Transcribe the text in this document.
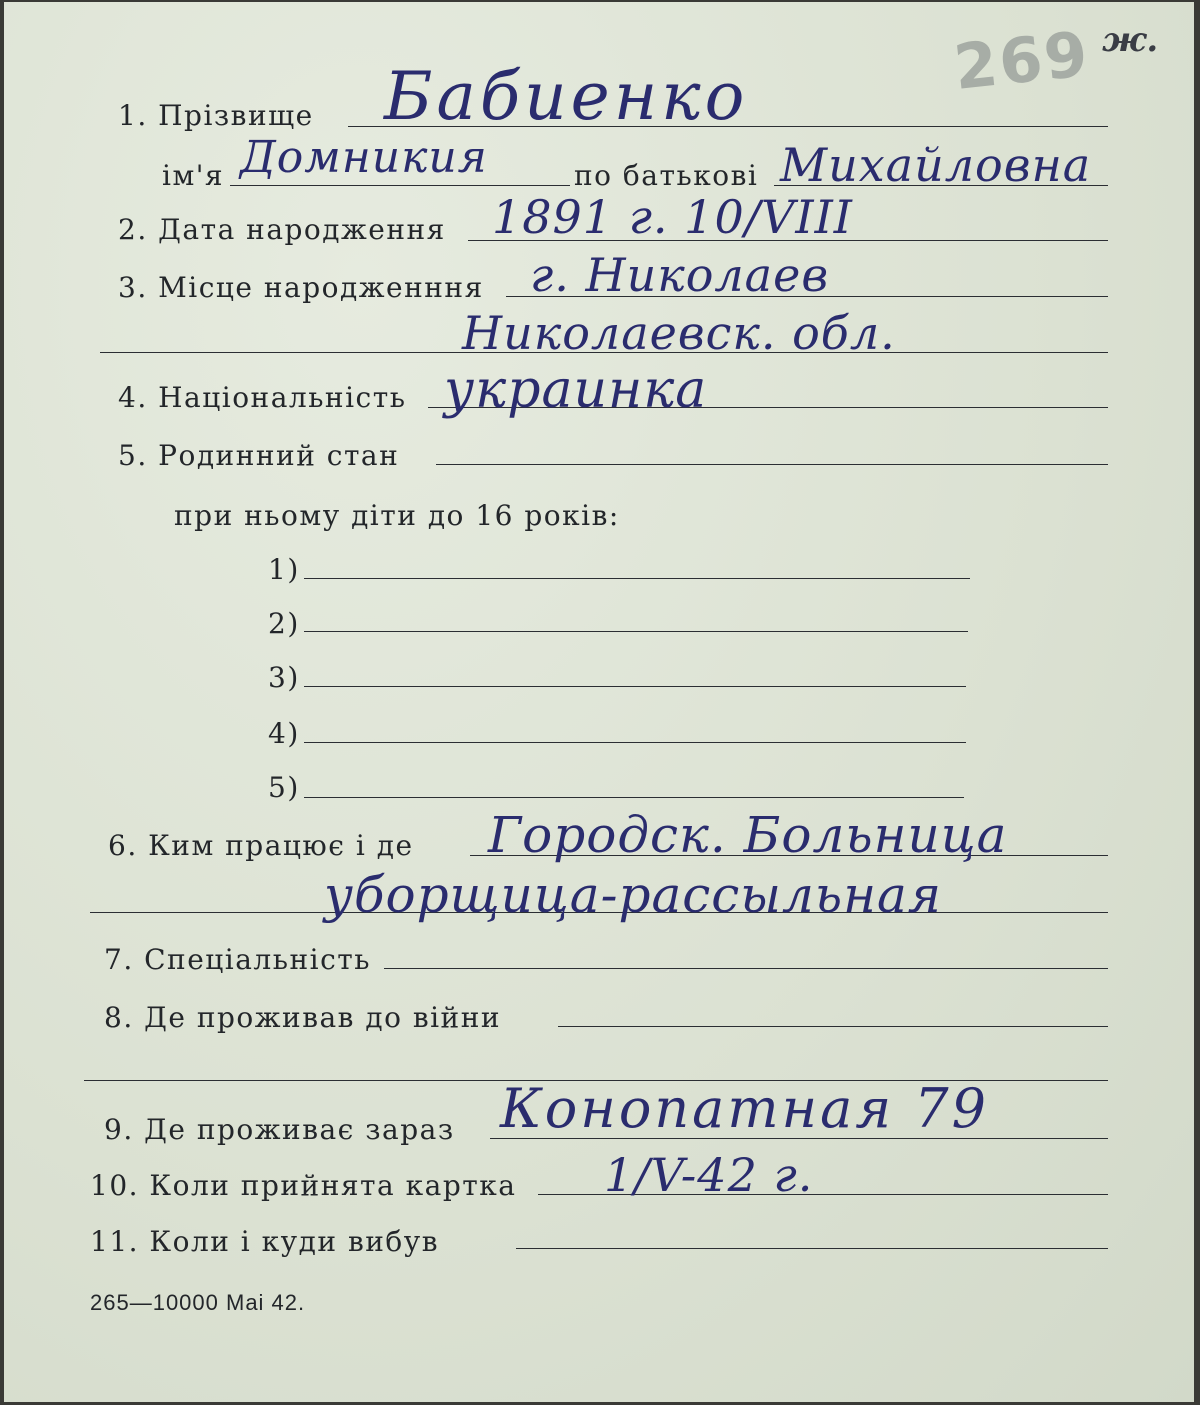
269 ж.
1. Прізвище Бабиенко
ім'я Домникия	по батькові Михайловна
2. Дата народження 1891 г. 10/VIII
3. Місце народженння г. Николаев
Николаевск. обл.
4. Національність украинка
5. Родинний стан
при ньому діти до 16 років:
1)
2)
3)
4)
5)
6. Ким працює і де Городск. Больница
уборщица-рассыльная
7. Спеціальність
8. Де проживав до війни
9. Де проживає зараз Конопатная 79
10. Коли прийнята картка 1/V-42 г.
11. Коли і куди вибув
265—10000 Mai 42.
